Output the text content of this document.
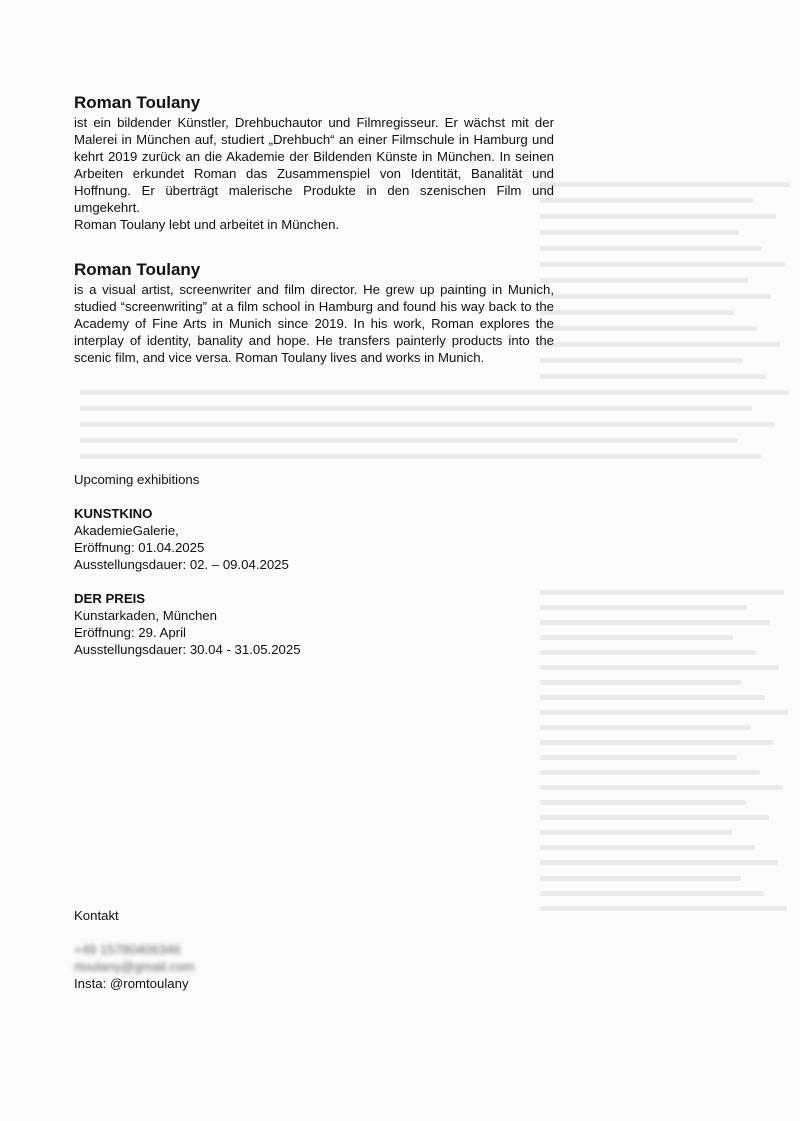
Roman Toulany

ist ein bildender Künstler, Drehbuchautor und Filmregisseur. Er wächst mit der Malerei in München auf, studiert „Drehbuch“ an einer Filmschule in Hamburg und kehrt 2019 zurück an die Akademie der Bildenden Künste in München. In seinen Arbeiten erkundet Roman das Zusammenspiel von Identität, Banalität und Hoffnung. Er überträgt malerische Produkte in den szenischen Film und umgekehrt.

Roman Toulany lebt und arbeitet in München.

Roman Toulany

is a visual artist, screenwriter and film director. He grew up painting in Munich, studied “screenwriting” at a film school in Hamburg and found his way back to the Academy of Fine Arts in Munich since 2019. In his work, Roman explores the interplay of identity, banality and hope. He transfers painterly products into the scenic film, and vice versa. Roman Toulany lives and works in Munich.

Upcoming exhibitions
KUNSTKINO
AkademieGalerie,
Eröffnung: 01.04.2025
Ausstellungsdauer: 02. – 09.04.2025
DER PREIS
Kunstarkaden, München
Eröffnung: 29. April
Ausstellungsdauer: 30.04 - 31.05.2025
Kontakt
+49 15780406346
rtoulany@gmail.com
Insta: @romtoulany
